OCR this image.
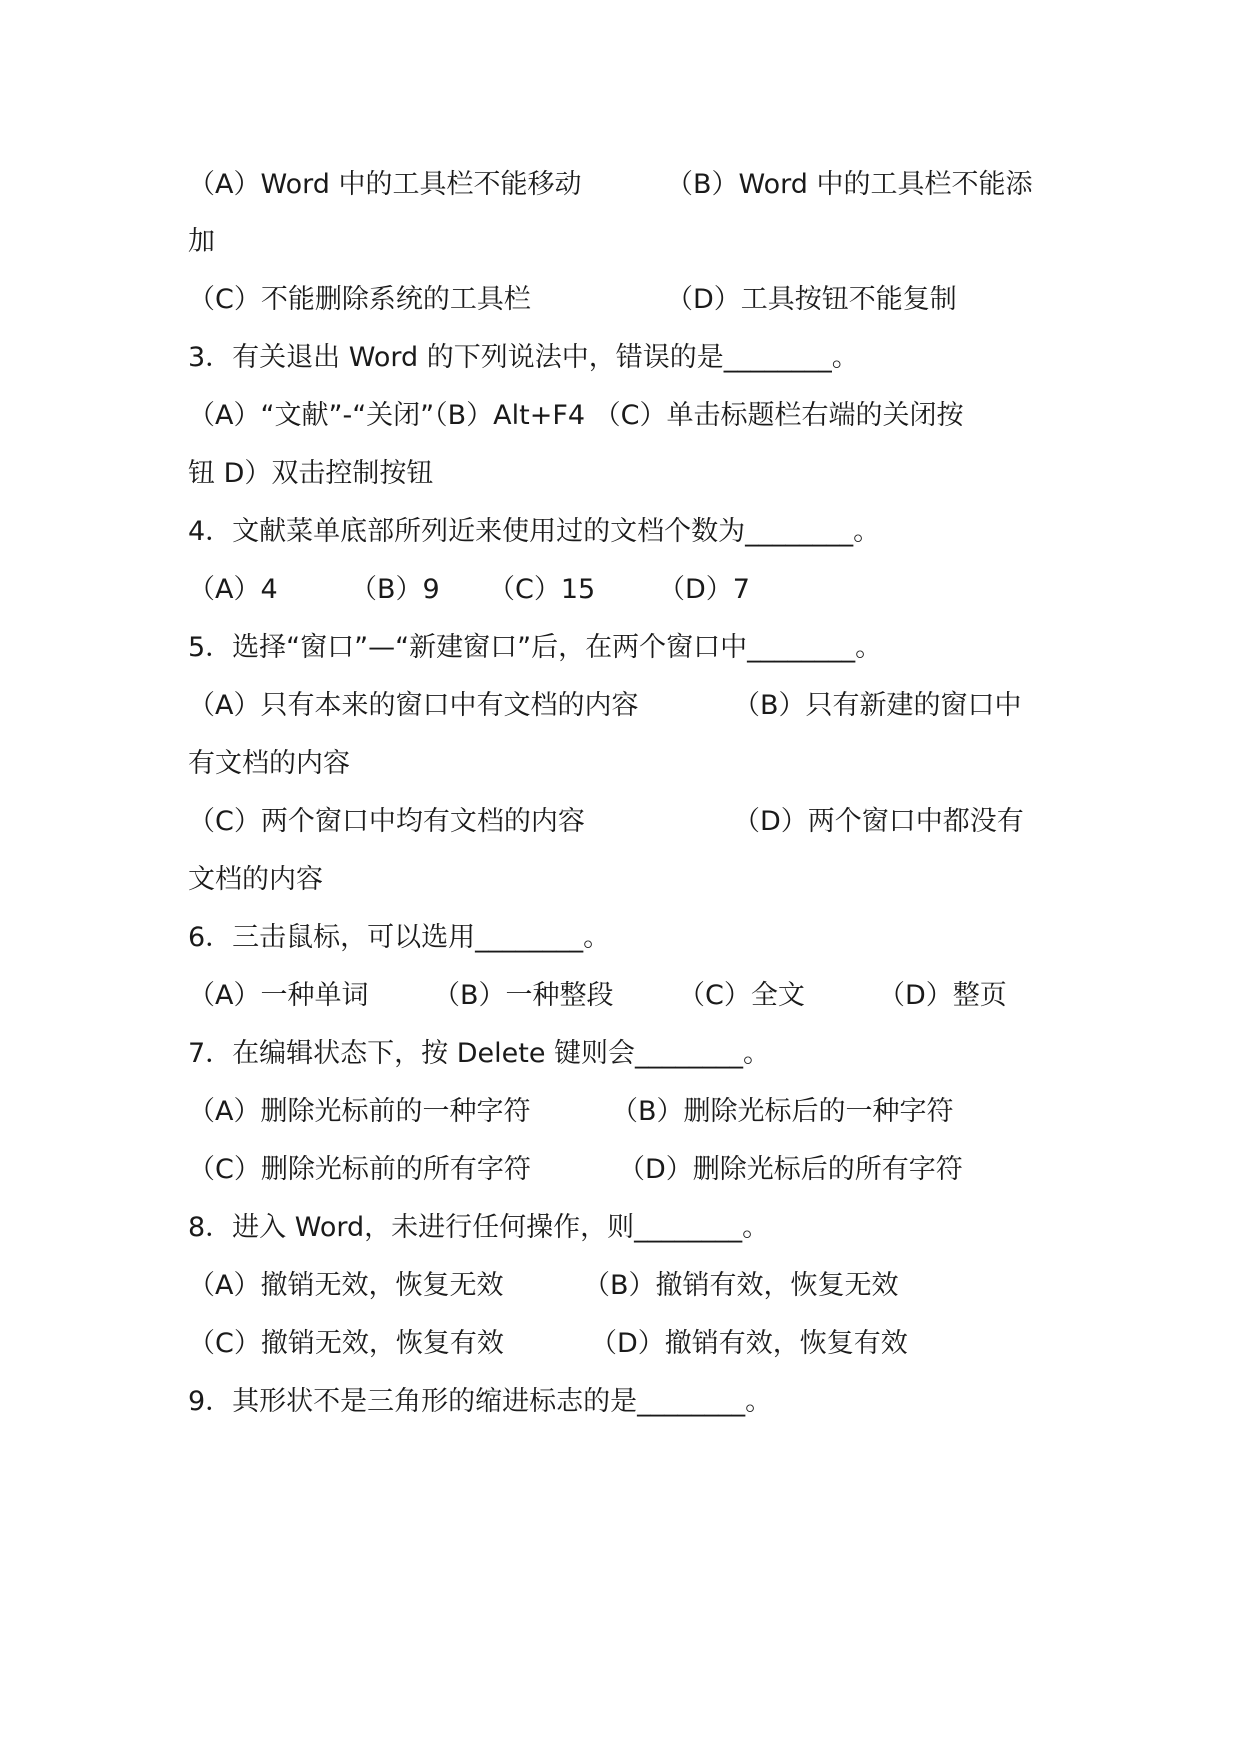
（A）Word 中的工具栏不能移动	（B）Word 中的工具栏不能添
加
（C）不能删除系统的工具栏	（D）工具按钮不能复制
3．有关退出 Word 的下列说法中，错误的是________。
（A）“文献”-“关闭”（B）Alt+F4 （C）单击标题栏右端的关闭按
钮 D）双击控制按钮
4．文献菜单底部所列近来使用过的文档个数为________。
（A）4	（B）9 （C）15 （D）7
5．选择“窗口”—“新建窗口”后，在两个窗口中________。
（A）只有本来的窗口中有文档的内容	（B）只有新建的窗口中
有文档的内容
（C）两个窗口中均有文档的内容	（D）两个窗口中都没有
文档的内容
6．三击鼠标，可以选用________。
（A）一种单词 （B）一种整段 （C）全文	（D）整页
7．在编辑状态下，按 Delete 键则会________。
（A）删除光标前的一种字符	（B）删除光标后的一种字符
（C）删除光标前的所有字符	（D）删除光标后的所有字符
8．进入 Word，未进行任何操作，则________。
（A）撤销无效，恢复无效	（B）撤销有效，恢复无效
（C）撤销无效，恢复有效	（D）撤销有效，恢复有效
9．其形状不是三角形的缩进标志的是________。
